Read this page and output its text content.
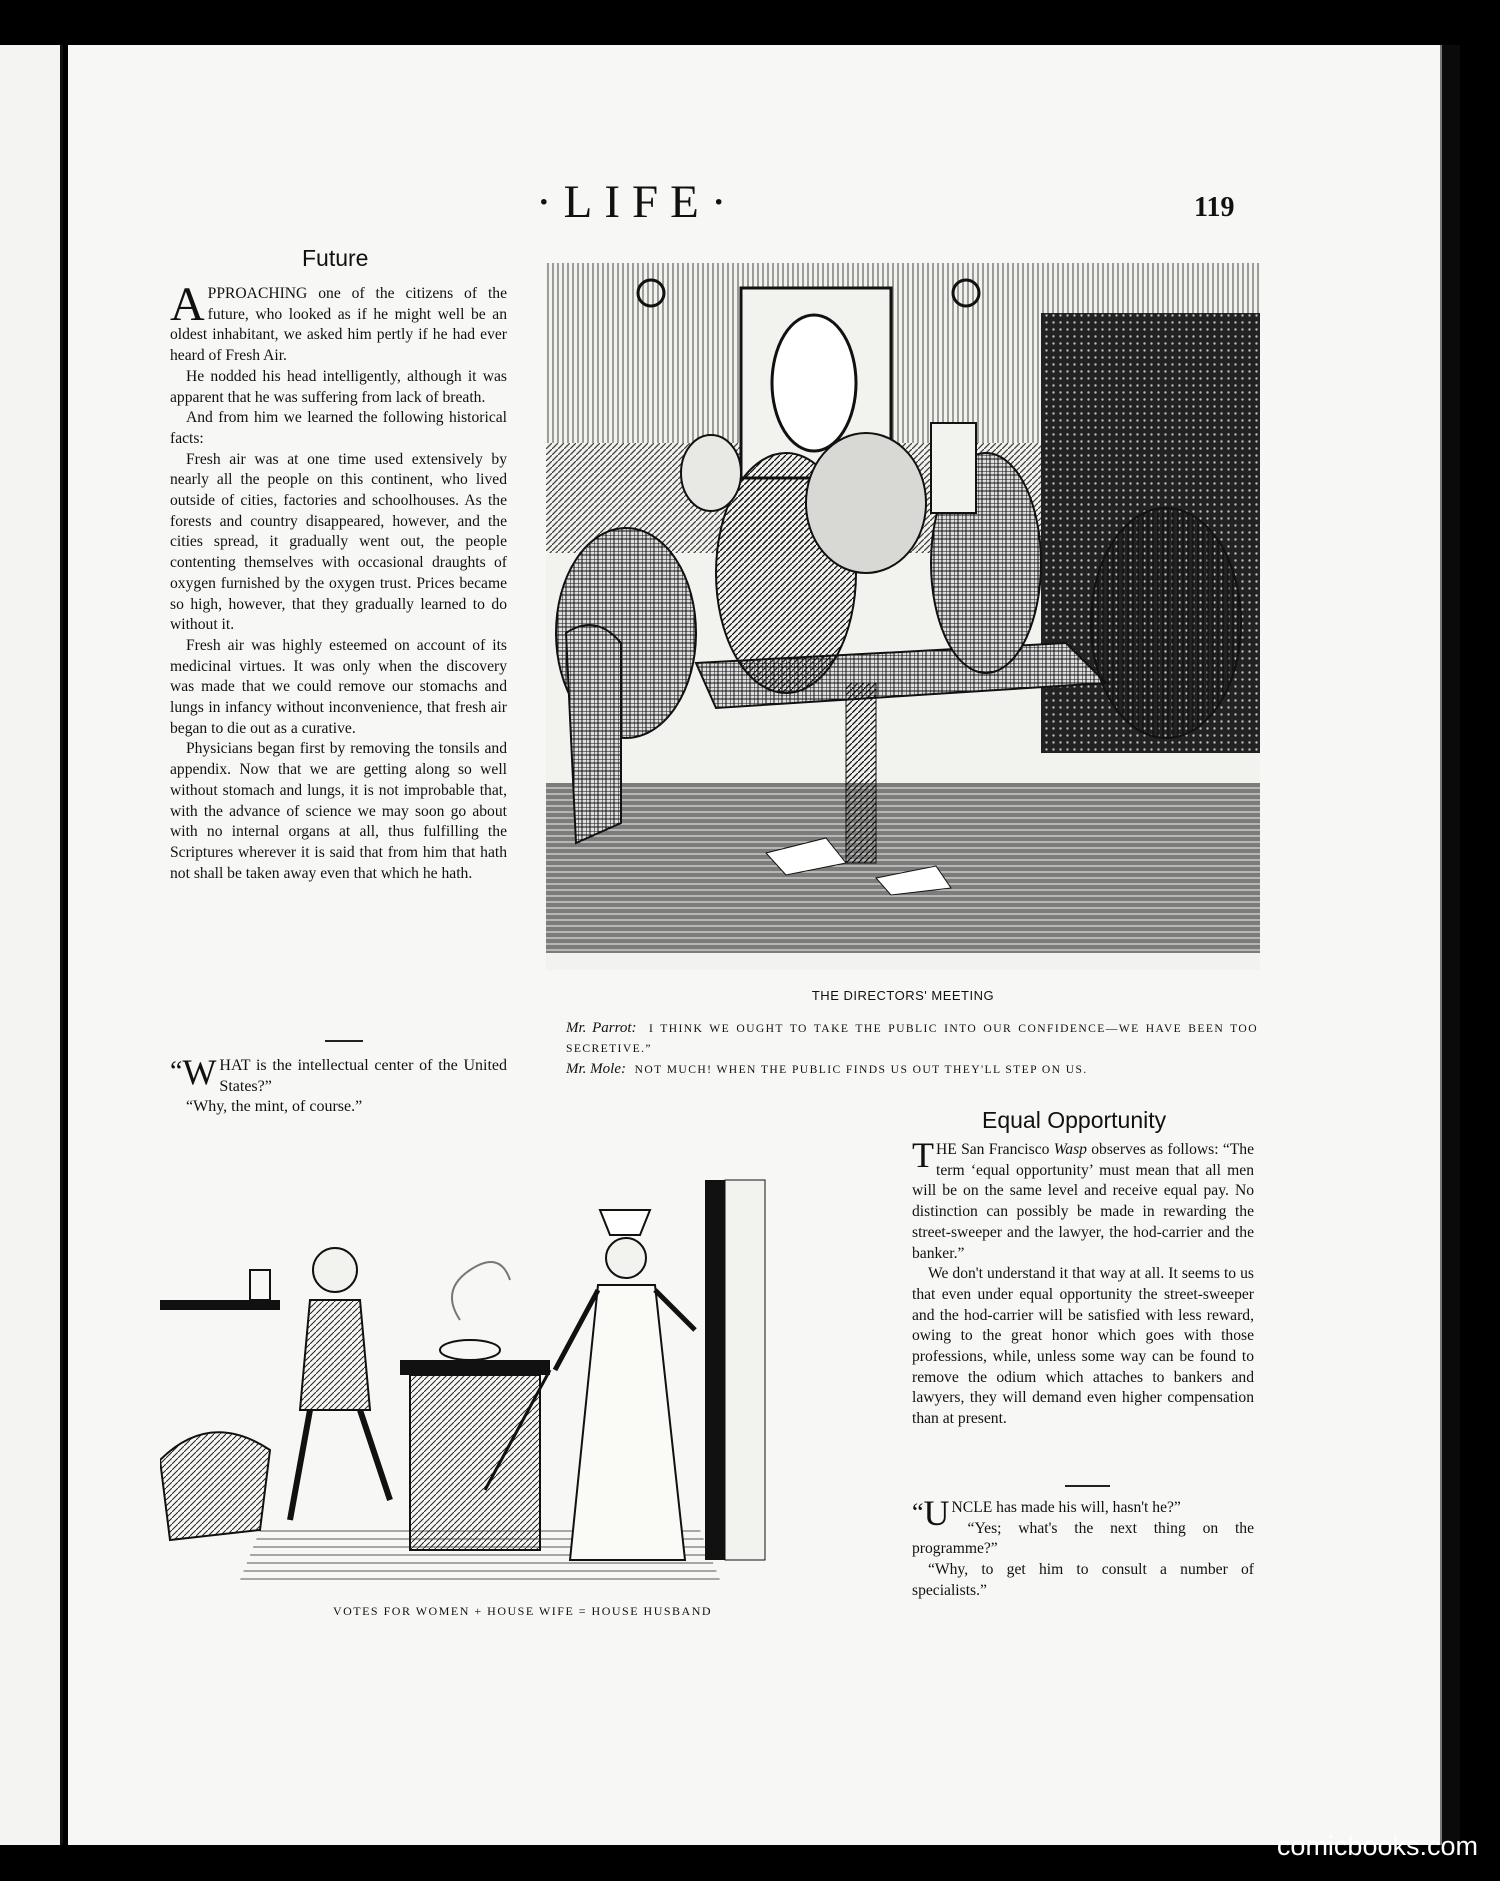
·LIFE·	119
Future

APPROACHING one of the citizens of the future, who looked as if he might well be an oldest inhabitant, we asked him pertly if he had ever heard of Fresh Air.

He nodded his head intelligently, although it was apparent that he was suffering from lack of breath.

And from him we learned the following historical facts:

Fresh air was at one time used extensively by nearly all the people on this continent, who lived outside of cities, factories and schoolhouses. As the forests and country disappeared, however, and the cities spread, it gradually went out, the people contenting themselves with occasional draughts of oxygen furnished by the oxygen trust. Prices became so high, however, that they gradually learned to do without it.

Fresh air was highly esteemed on account of its medicinal virtues. It was only when the discovery was made that we could remove our stomachs and lungs in infancy without inconvenience, that fresh air began to die out as a curative.

Physicians began first by removing the tonsils and appendix. Now that we are getting along so well without stomach and lungs, it is not improbable that, with the advance of science we may soon go about with no internal organs at all, thus fulfilling the Scriptures wherever it is said that from him that hath not shall be taken away even that which he hath.

“ W HAT is the intellectual center of the United States?”

“Why, the mint, of course.”

THE DIRECTORS' MEETING
Mr. Parrot: I THINK WE OUGHT TO TAKE THE PUBLIC INTO OUR CONFIDENCE—WE HAVE BEEN TOO SECRETIVE.”
Mr. Mole: NOT MUCH! WHEN THE PUBLIC FINDS US OUT THEY'LL STEP ON US.
Equal Opportunity

THE San Francisco Wasp observes as follows: “The term ‘equal opportunity’ must mean that all men will be on the same level and receive equal pay. No distinction can possibly be made in rewarding the street-sweeper and the lawyer, the hod-carrier and the banker.”

We don't understand it that way at all. It seems to us that even under equal opportunity the street-sweeper and the hod-carrier will be satisfied with less reward, owing to the great honor which goes with those professions, while, unless some way can be found to remove the odium which attaches to bankers and lawyers, they will demand even higher compensation than at present.

“ U NCLE has made his will, hasn't he?”

“Yes; what's the next thing on the programme?”

“Why, to get him to consult a number of specialists.”

VOTES FOR WOMEN + HOUSE WIFE = HOUSE HUSBAND
comicbooks.com
